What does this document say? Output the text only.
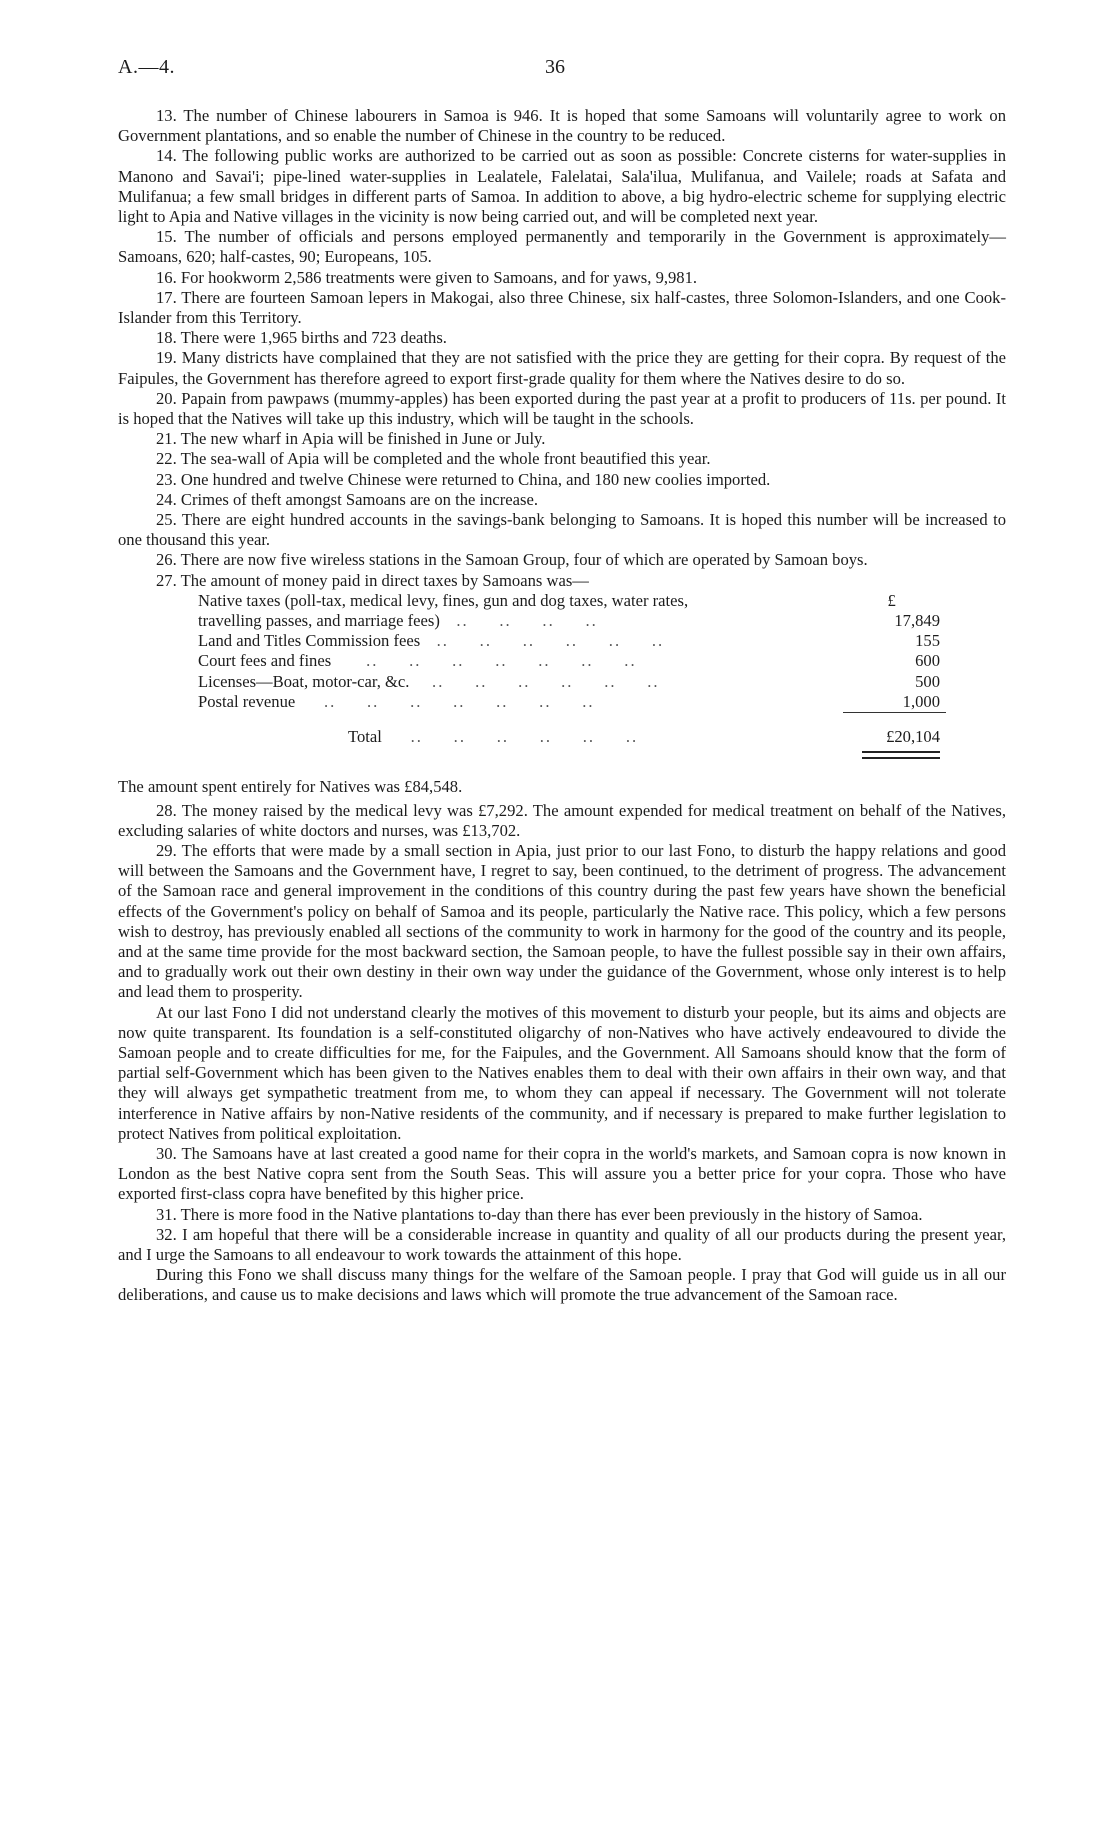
A.—4.	36

13. The number of Chinese labourers in Samoa is 946. It is hoped that some Samoans will voluntarily agree to work on Government plantations, and so enable the number of Chinese in the country to be reduced.

14. The following public works are authorized to be carried out as soon as possible: Concrete cisterns for water-supplies in Manono and Savai'i; pipe-lined water-supplies in Lealatele, Falelatai, Sala'ilua, Mulifanua, and Vailele; roads at Safata and Mulifanua; a few small bridges in different parts of Samoa. In addition to above, a big hydro-electric scheme for supplying electric light to Apia and Native villages in the vicinity is now being carried out, and will be completed next year.

15. The number of officials and persons employed permanently and temporarily in the Government is approximately—Samoans, 620; half-castes, 90; Europeans, 105.

16. For hookworm 2,586 treatments were given to Samoans, and for yaws, 9,981.

17. There are fourteen Samoan lepers in Makogai, also three Chinese, six half-castes, three Solomon-Islanders, and one Cook-Islander from this Territory.

18. There were 1,965 births and 723 deaths.

19. Many districts have complained that they are not satisfied with the price they are getting for their copra. By request of the Faipules, the Government has therefore agreed to export first-grade quality for them where the Natives desire to do so.

20. Papain from pawpaws (mummy-apples) has been exported during the past year at a profit to producers of 11s. per pound. It is hoped that the Natives will take up this industry, which will be taught in the schools.

21. The new wharf in Apia will be finished in June or July.

22. The sea-wall of Apia will be completed and the whole front beautified this year.

23. One hundred and twelve Chinese were returned to China, and 180 new coolies imported.

24. Crimes of theft amongst Samoans are on the increase.

25. There are eight hundred accounts in the savings-bank belonging to Samoans. It is hoped this number will be increased to one thousand this year.

26. There are now five wireless stations in the Samoan Group, four of which are operated by Samoan boys.

27. The amount of money paid in direct taxes by Samoans was—

Native taxes (poll-tax, medical levy, fines, gun and dog taxes, water rates,	£
travelling passes, and marriage fees)   ..     ..     ..     ..	17,849
Land and Titles Commission fees   ..     ..     ..     ..     ..     ..	155
Court fees and fines      ..     ..     ..     ..     ..     ..     ..	600
Licenses—Boat, motor-car, &c.    ..     ..     ..     ..     ..     ..	500
Postal revenue     ..     ..     ..     ..     ..     ..     ..	1,000
Total     ..     ..     ..     ..     ..     ..	£20,104

The amount spent entirely for Natives was £84,548.

28. The money raised by the medical levy was £7,292. The amount expended for medical treatment on behalf of the Natives, excluding salaries of white doctors and nurses, was £13,702.

29. The efforts that were made by a small section in Apia, just prior to our last Fono, to disturb the happy relations and good will between the Samoans and the Government have, I regret to say, been continued, to the detriment of progress. The advancement of the Samoan race and general improvement in the conditions of this country during the past few years have shown the beneficial effects of the Government's policy on behalf of Samoa and its people, particularly the Native race. This policy, which a few persons wish to destroy, has previously enabled all sections of the community to work in harmony for the good of the country and its people, and at the same time provide for the most backward section, the Samoan people, to have the fullest possible say in their own affairs, and to gradually work out their own destiny in their own way under the guidance of the Government, whose only interest is to help and lead them to prosperity.

At our last Fono I did not understand clearly the motives of this movement to disturb your people, but its aims and objects are now quite transparent. Its foundation is a self-constituted oligarchy of non-Natives who have actively endeavoured to divide the Samoan people and to create difficulties for me, for the Faipules, and the Government. All Samoans should know that the form of partial self-Government which has been given to the Natives enables them to deal with their own affairs in their own way, and that they will always get sympathetic treatment from me, to whom they can appeal if necessary. The Government will not tolerate interference in Native affairs by non-Native residents of the community, and if necessary is prepared to make further legislation to protect Natives from political exploitation.

30. The Samoans have at last created a good name for their copra in the world's markets, and Samoan copra is now known in London as the best Native copra sent from the South Seas. This will assure you a better price for your copra. Those who have exported first-class copra have benefited by this higher price.

31. There is more food in the Native plantations to-day than there has ever been previously in the history of Samoa.

32. I am hopeful that there will be a considerable increase in quantity and quality of all our products during the present year, and I urge the Samoans to all endeavour to work towards the attainment of this hope.

During this Fono we shall discuss many things for the welfare of the Samoan people. I pray that God will guide us in all our deliberations, and cause us to make decisions and laws which will promote the true advancement of the Samoan race.
